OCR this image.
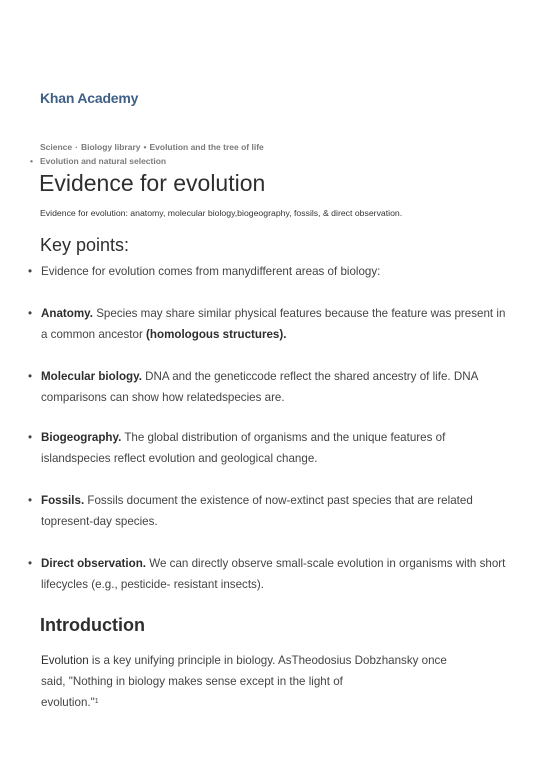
Khan Academy
Science · Biology library • Evolution and the tree of life
• Evolution and natural selection
Evidence for evolution
Evidence for evolution: anatomy, molecular biology,biogeography, fossils, & direct observation.
Key points:
• Evidence for evolution comes from manydifferent areas of biology:
• Anatomy. Species may share similar physical features because the feature was present in a common ancestor (homologous structures).
• Molecular biology. DNA and the geneticcode reflect the shared ancestry of life. DNA comparisons can show how relatedspecies are.
• Biogeography. The global distribution of organisms and the unique features of islandspecies reflect evolution and geological change.
• Fossils. Fossils document the existence of now-extinct past species that are related topresent-day species.
• Direct observation. We can directly observe small-scale evolution in organisms with short lifecycles (e.g., pesticide- resistant insects).
Introduction
Evolution is a key unifying principle in biology. AsTheodosius Dobzhansky once
said, "Nothing in biology makes sense except in the light of
evolution."$^1$
